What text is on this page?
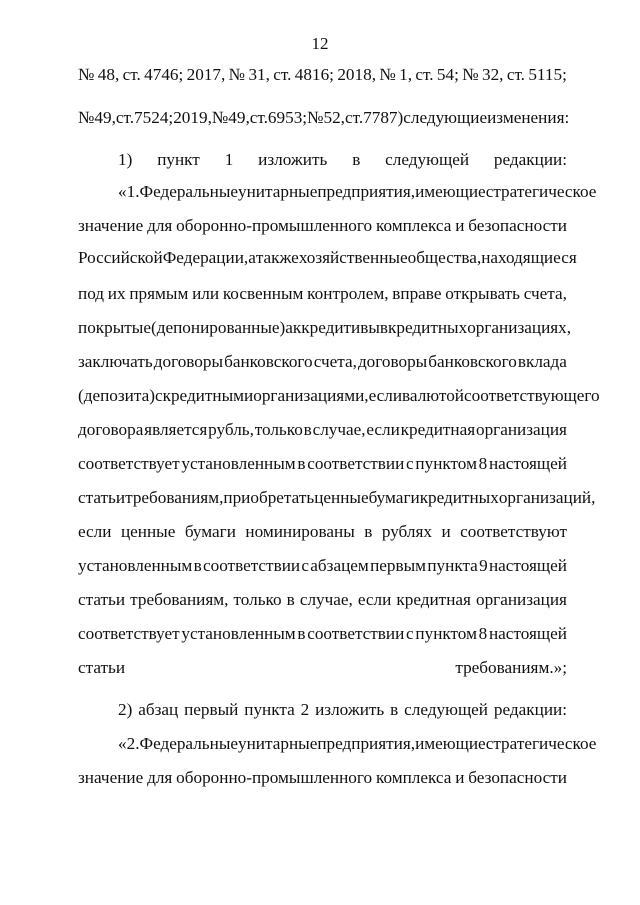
12
№ 48, ст. 4746; 2017, № 31, ст. 4816; 2018, № 1, ст. 54; № 32, ст. 5115;
№ 49, ст. 7524; 2019, № 49, ст. 6953; № 52, ст. 7787) следующие изменения:
1) пункт 1 изложить в следующей редакции:
«1. Федеральные унитарные предприятия, имеющие стратегическое
значение для оборонно-промышленного комплекса и безопасности
Российской Федерации, а также хозяйственные общества, находящиеся
под их прямым или косвенным контролем, вправе открывать счета,
покрытые (депонированные) аккредитивы в кредитных организациях,
заключать договоры банковского счета, договоры банковского вклада
(депозита) с кредитными организациями, если валютой соответствующего
договора является рубль, только в случае, если кредитная организация
соответствует установленным в соответствии с пунктом 8 настоящей
статьи требованиям, приобретать ценные бумаги кредитных организаций,
если ценные бумаги номинированы в рублях и соответствуют
установленным в соответствии с абзацем первым пункта 9 настоящей
статьи требованиям, только в случае, если кредитная организация
соответствует установленным в соответствии с пунктом 8 настоящей
статьи требованиям.»;
2) абзац первый пункта 2 изложить в следующей редакции:
«2. Федеральные унитарные предприятия, имеющие стратегическое
значение для оборонно-промышленного комплекса и безопасности
